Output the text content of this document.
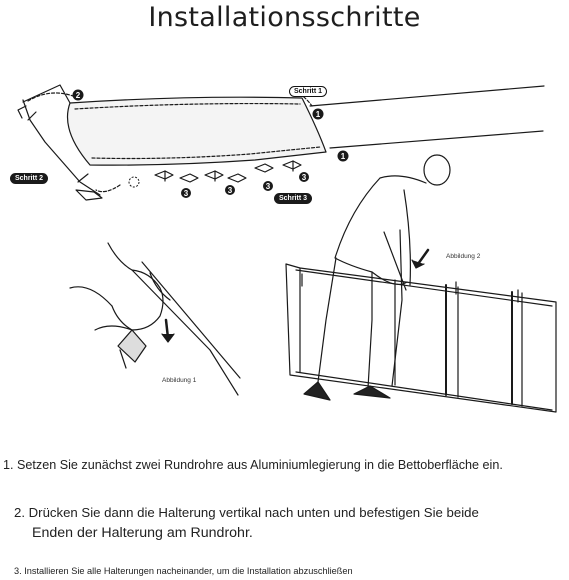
Installationsschritte
2
1
1
3	3	3
3
Schritt 1
Schritt 2
Schritt 3
Abbildung 1
Abbildung 2
1. Setzen Sie zunächst zwei Rundrohre aus Aluminiumlegierung in die Bettoberfläche ein.
2. Drücken Sie dann die Halterung vertikal nach unten und befestigen Sie beide
Enden der Halterung am Rundrohr.
3. Installieren Sie alle Halterungen nacheinander, um die Installation abzuschließen
